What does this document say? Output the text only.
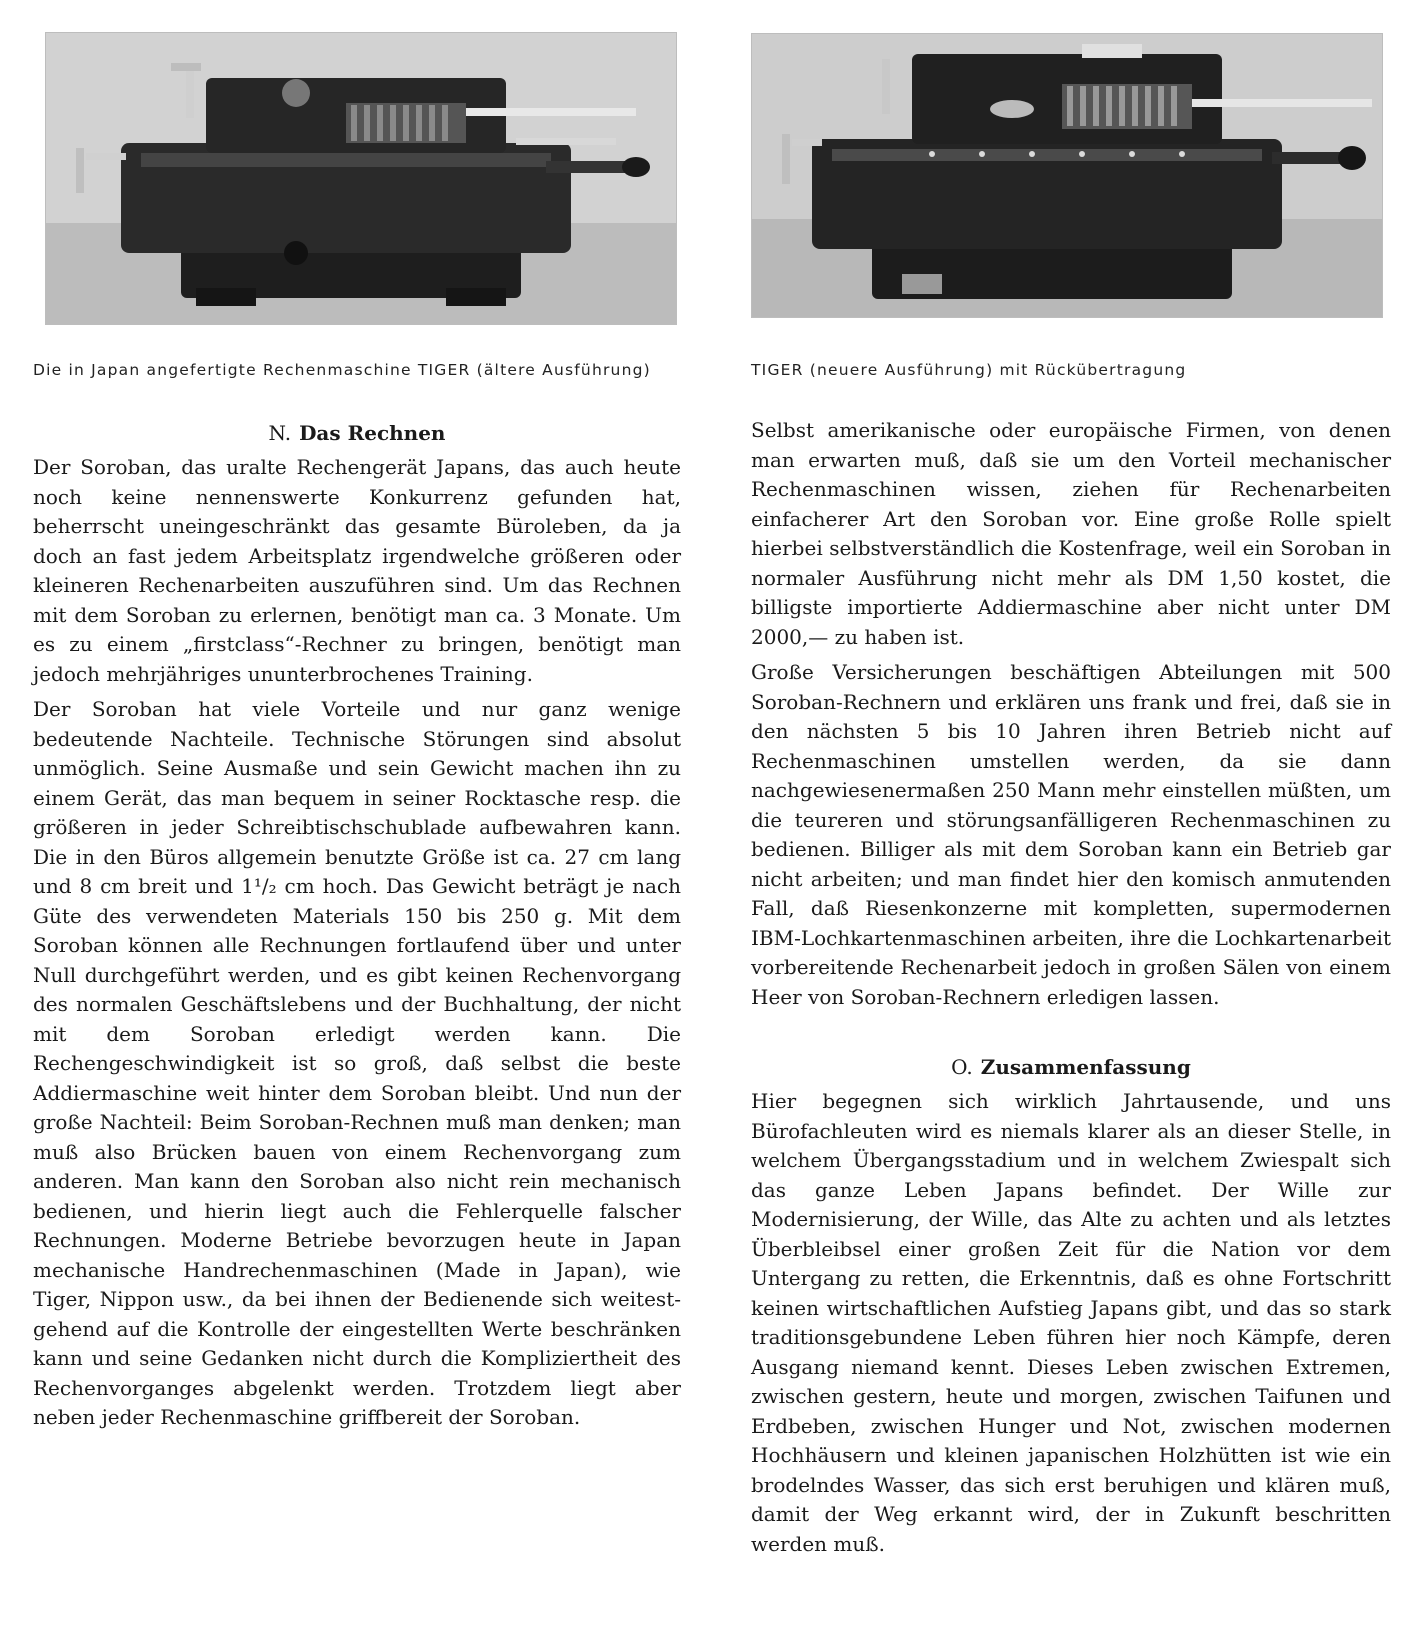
Die in Japan angefertigte Rechenmaschine TIGER (ältere Ausführung)	TIGER (neuere Ausführung) mit Rückübertragung
N. Das Rechnen

Der Soroban, das uralte Rechengerät Japans, das auch heute noch keine nennenswerte Konkurrenz gefunden hat, beherrscht uneingeschränkt das gesamte Büroleben, da ja doch an fast jedem Arbeitsplatz irgendwelche größeren oder kleineren Rechenarbeiten auszuführen sind. Um das Rechnen mit dem Soroban zu erlernen, benötigt man ca. 3 Monate. Um es zu einem „firstclass“-Rechner zu bringen, benötigt man jedoch mehrjähriges ununterbrochenes Training.

Der Soroban hat viele Vorteile und nur ganz wenige bedeutende Nachteile. Technische Störungen sind absolut unmöglich. Seine Ausmaße und sein Gewicht machen ihn zu einem Gerät, das man bequem in seiner Rocktasche resp. die größeren in jeder Schreibtischschublade aufbewahren kann. Die in den Büros allgemein benutzte Größe ist ca. 27 cm lang und 8 cm breit und 1¹/₂ cm hoch. Das Gewicht beträgt je nach Güte des verwendeten Materials 150 bis 250 g. Mit dem Soroban können alle Rechnungen fortlaufend über und unter Null durchgeführt werden, und es gibt keinen Rechenvorgang des normalen Geschäftslebens und der Buchhaltung, der nicht mit dem Soroban erledigt werden kann. Die Rechengeschwindigkeit ist so groß, daß selbst die beste Addiermaschine weit hinter dem Soroban bleibt. Und nun der große Nachteil: Beim Soroban-Rechnen muß man denken; man muß also Brücken bauen von einem Rechenvorgang zum anderen. Man kann den Soroban also nicht rein mechanisch bedienen, und hierin liegt auch die Fehlerquelle falscher Rechnungen. Moderne Betriebe bevorzugen heute in Japan mechanische Handrechenmaschinen (Made in Japan), wie Tiger, Nippon usw., da bei ihnen der Bedienende sich weitestgehend auf die Kontrolle der eingestellten Werte beschränken kann und seine Gedanken nicht durch die Kompliziertheit des Rechenvorganges abgelenkt werden. Trotzdem liegt aber neben jeder Rechenmaschine griffbereit der Soroban.

Selbst amerikanische oder europäische Firmen, von denen man erwarten muß, daß sie um den Vorteil mechanischer Rechenmaschinen wissen, ziehen für Rechenarbeiten einfacherer Art den Soroban vor. Eine große Rolle spielt hierbei selbstverständlich die Kostenfrage, weil ein Soroban in normaler Ausführung nicht mehr als DM 1,50 kostet, die billigste importierte Addiermaschine aber nicht unter DM 2000,— zu haben ist.

Große Versicherungen beschäftigen Abteilungen mit 500 Soroban-Rechnern und erklären uns frank und frei, daß sie in den nächsten 5 bis 10 Jahren ihren Betrieb nicht auf Rechenmaschinen umstellen werden, da sie dann nachgewiesenermaßen 250 Mann mehr einstellen müßten, um die teureren und störungsanfälligeren Rechenmaschinen zu bedienen. Billiger als mit dem Soroban kann ein Betrieb gar nicht arbeiten; und man findet hier den komisch anmutenden Fall, daß Riesenkonzerne mit kompletten, supermodernen IBM-Lochkartenmaschinen arbeiten, ihre die Lochkartenarbeit vorbereitende Rechenarbeit jedoch in großen Sälen von einem Heer von Soroban-Rechnern erledigen lassen.

O. Zusammenfassung

Hier begegnen sich wirklich Jahrtausende, und uns Bürofachleuten wird es niemals klarer als an dieser Stelle, in welchem Übergangsstadium und in welchem Zwiespalt sich das ganze Leben Japans befindet. Der Wille zur Modernisierung, der Wille, das Alte zu achten und als letztes Überbleibsel einer großen Zeit für die Nation vor dem Untergang zu retten, die Erkenntnis, daß es ohne Fortschritt keinen wirtschaftlichen Aufstieg Japans gibt, und das so stark traditionsgebundene Leben führen hier noch Kämpfe, deren Ausgang niemand kennt. Dieses Leben zwischen Extremen, zwischen gestern, heute und morgen, zwischen Taifunen und Erdbeben, zwischen Hunger und Not, zwischen modernen Hochhäusern und kleinen japanischen Holzhütten ist wie ein brodelndes Wasser, das sich erst beruhigen und klären muß, damit der Weg erkannt wird, der in Zukunft beschritten werden muß.
